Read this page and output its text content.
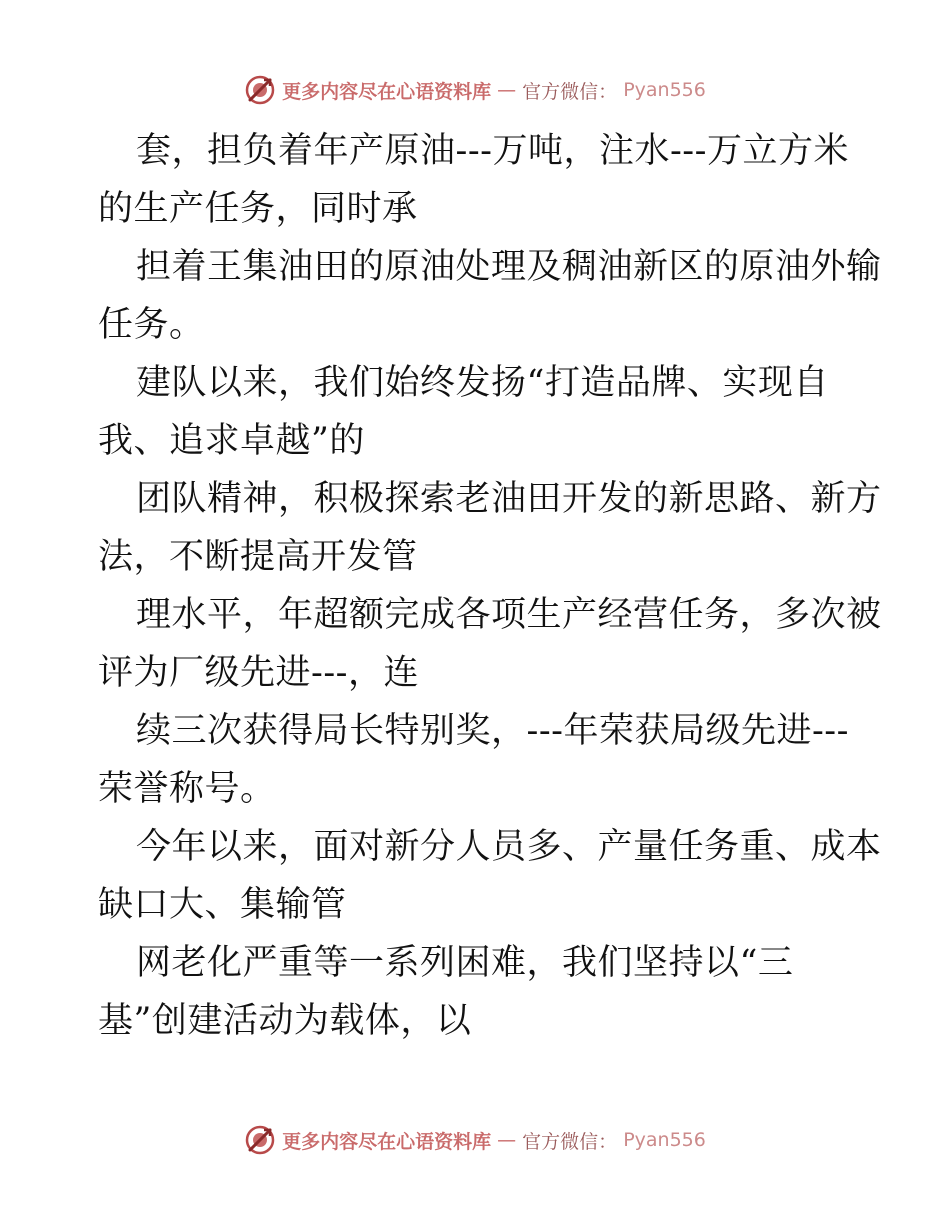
更多内容尽在心语资料库 — 官方微信： Pyan556
套，担负着年产原油---万吨，注水---万立方米
的生产任务，同时承
担着王集油田的原油处理及稠油新区的原油外输
任务。
建队以来，我们始终发扬“打造品牌、实现自
我、追求卓越”的
团队精神，积极探索老油田开发的新思路、新方
法，不断提高开发管
理水平，年超额完成各项生产经营任务，多次被
评为厂级先进---，连
续三次获得局长特别奖，---年荣获局级先进---
荣誉称号。
今年以来，面对新分人员多、产量任务重、成本
缺口大、集输管
网老化严重等一系列困难，我们坚持以“三
基”创建活动为载体，以
更多内容尽在心语资料库 — 官方微信： Pyan556
